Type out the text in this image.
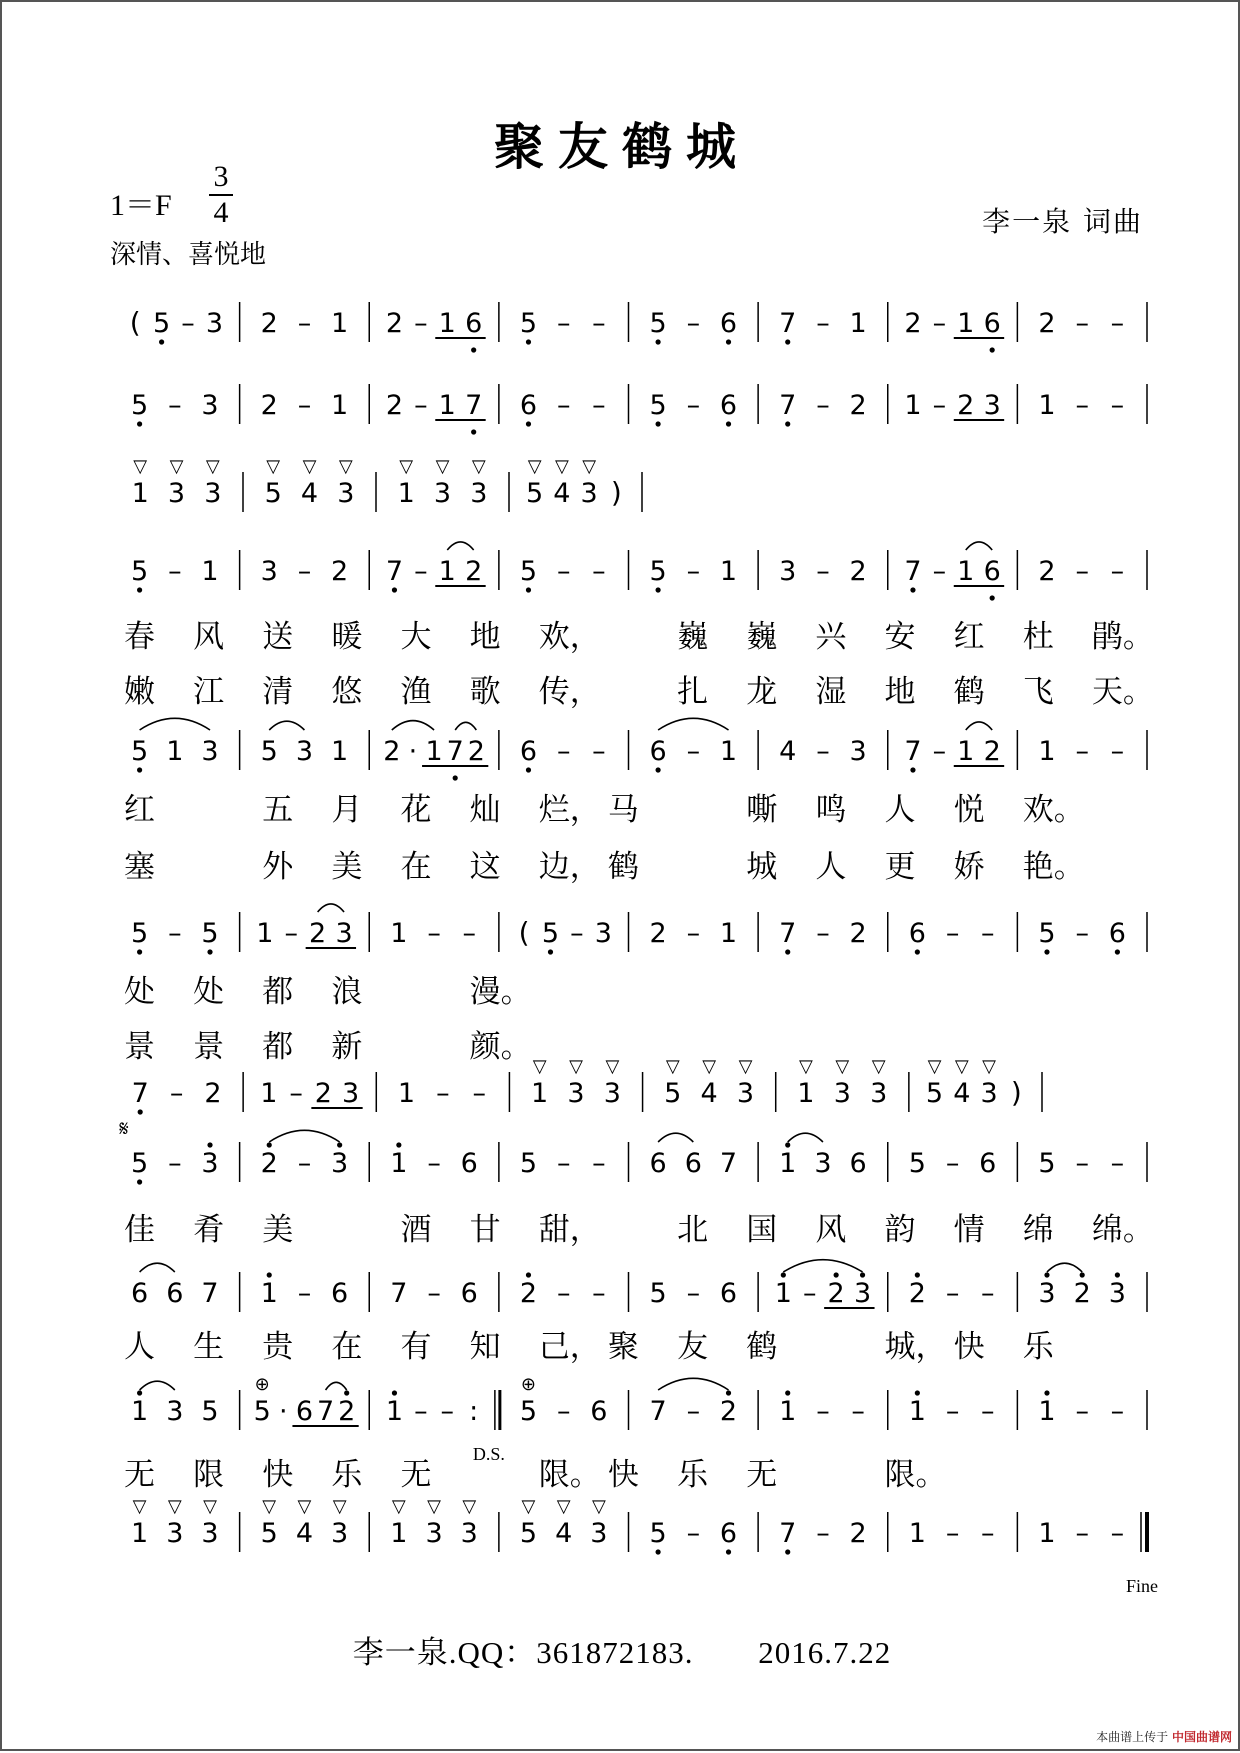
聚友鹤城
1＝F
3
4
深情、喜悦地
李一泉 词曲
( 5 – 3 2 – 1 2 – 1 6 5 – – 5 – 6 7 – 1 2 – 1 6 2 – –
5 – 3 2 – 1 2 – 1 7 6 – – 5 – 6 7 – 2 1 – 2 3 1 – –
1
▽
3
▽
3
▽
5
▽
4
▽
3
▽
1
▽
3
▽
3
▽
5
▽
4
▽
3
▽
)
5 – 1 3 – 2 7 – 1 2 5 – – 5 – 1 3 – 2 7 – 1 6 2 – –
春 风 送 暖 大 地 欢， 巍 巍 兴 安 红 杜 鹃。
嫩 江 清 悠 渔 歌 传， 扎 龙 湿 地 鹤 飞 天。
5 1 3 5 3 1 2 · 1 7 2 6 – – 6 – 1 4 – 3 7 – 1 2 1 – –
红	五 月 花 灿 烂， 马	嘶 鸣 人 悦 欢。
塞	外 美 在 这 边， 鹤	城 人 更 娇 艳。
5 – 5 1 – 2 3 1 – – ( 5 – 3 2 – 1 7 – 2 6 – – 5 – 6
处 处 都 浪	漫。
景 景 都 新	颜。
7 – 2 1 – 2 3 1 – – 1
▽
3
▽
3
▽
5
▽
4
▽
3
▽
1
▽
3
▽
3
▽
5
▽
4
▽
3
▽
)
5 – 3 2 – 3 1 – 6 5 – – 6 6 7 1 3 6 5 – 6 5 – –
𝄋
佳 肴 美	酒 甘 甜， 北 国 风 韵 情 绵 绵。
6 6 7 1 – 6 7 – 6 2 – – 5 – 6 1 – 2 3 2 – – 3 2 3
人 生 贵 在 有 知 己， 聚 友 鹤	城， 快 乐
1 3 5 5
⊕
· 6 7 2 1 – – : 5
⊕
– 6 7 – 2 1 – – 1 – – 1 – –
D.S.
无 限 快 乐 无	限。 快 乐 无	限。
1
▽
3
▽
3
▽
5
▽
4
▽
3
▽
1
▽
3
▽
3
▽
5
▽
4
▽
3
▽
5 – 6 7 – 2 1 – – 1 – –
Fine
李一泉.QQ：361872183. 2016.7.22
本曲谱上传于 中国曲谱网
